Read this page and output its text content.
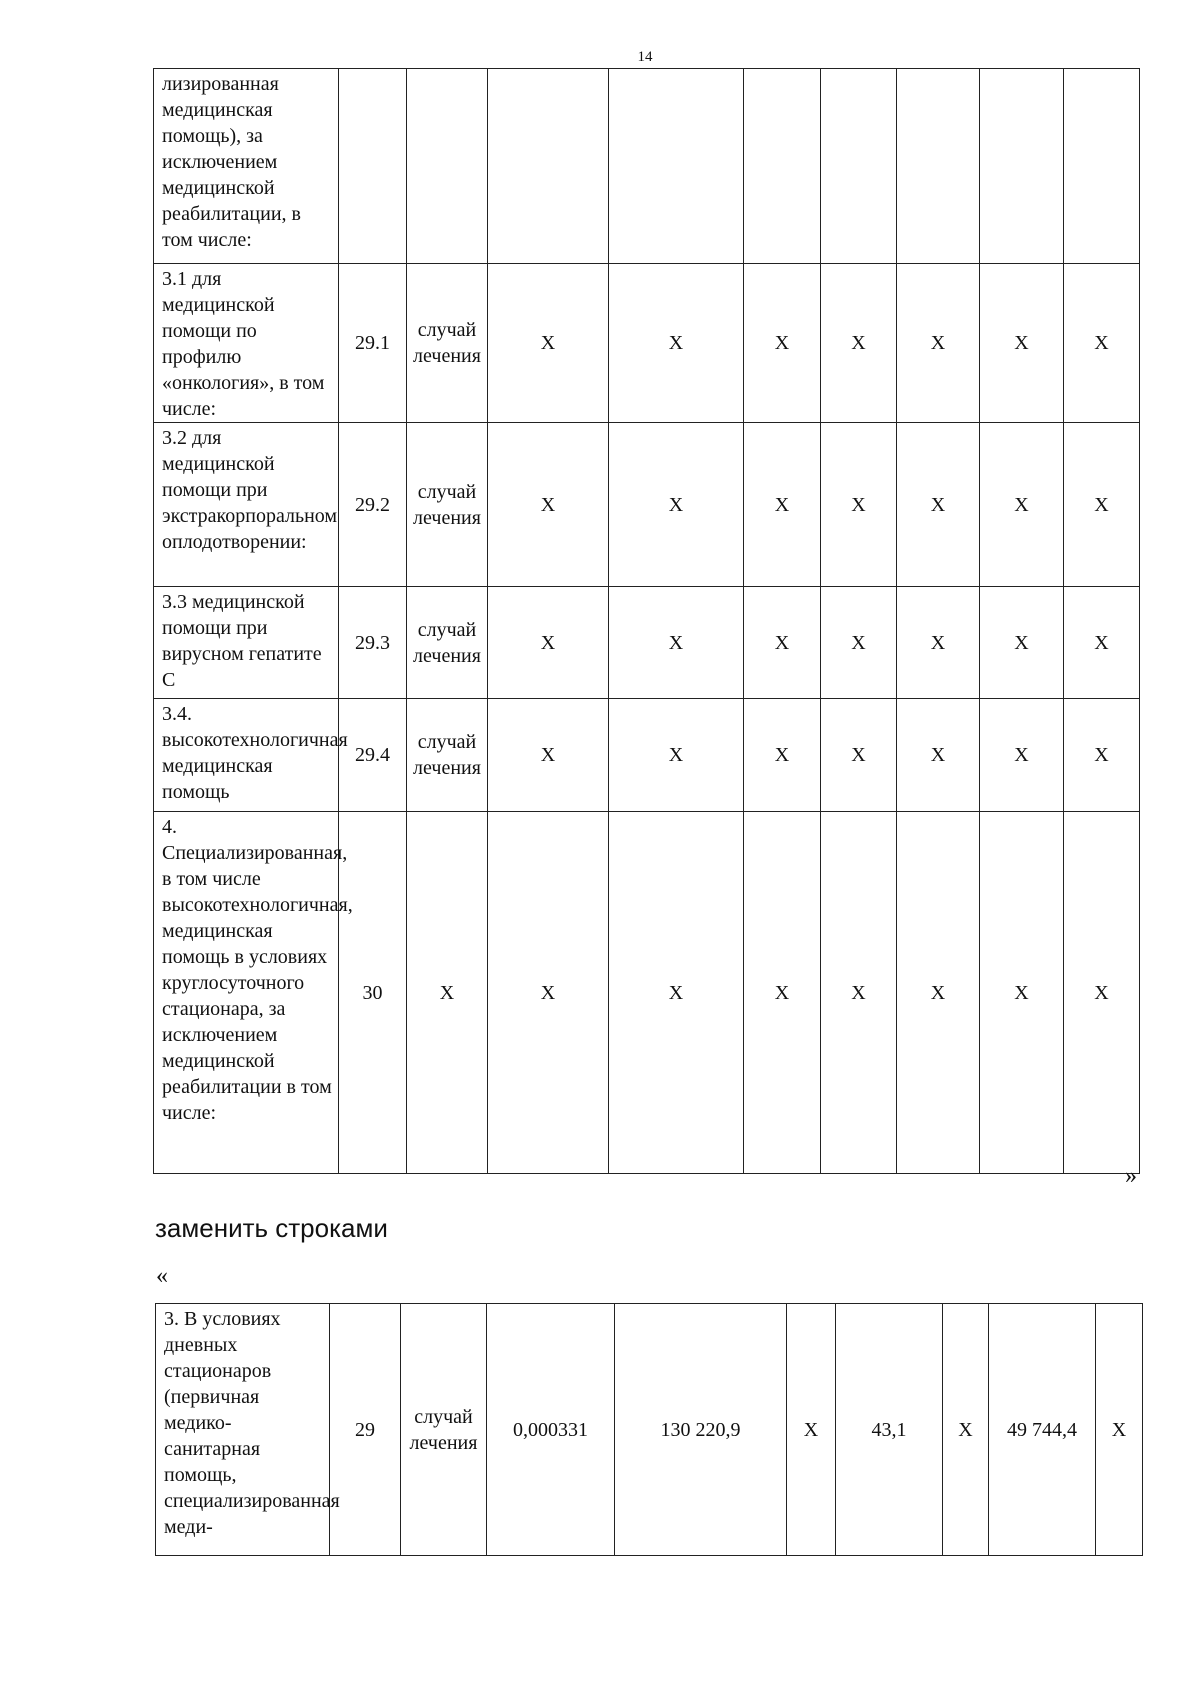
14
лизированная медицинская помощь), за исключением медицинской реабилитации, в том числе:									
3.1 для медицинской помощи по профилю «онкология», в том числе:	29.1	случай лечения	X	X	X	X	X	X	X
3.2 для медицинской помощи при экстракорпоральном оплодотворении:	29.2	случай лечения	X	X	X	X	X	X	X
3.3 медицинской помощи при вирусном гепатите С	29.3	случай лечения	X	X	X	X	X	X	X
3.4. высокотехнологичная медицинская помощь	29.4	случай лечения	X	X	X	X	X	X	X
4. Специализированная, в том числе высокотехнологичная, медицинская помощь в условиях круглосуточного стационара, за исключением медицинской реабилитации в том числе:	30	X	X	X	X	X	X	X	X
»
заменить строками
«
3. В условиях дневных стационаров (первичная медико-санитарная помощь, специализированная меди-	29	случай лечения	0,000331	130 220,9	X	43,1	X	49 744,4	X
